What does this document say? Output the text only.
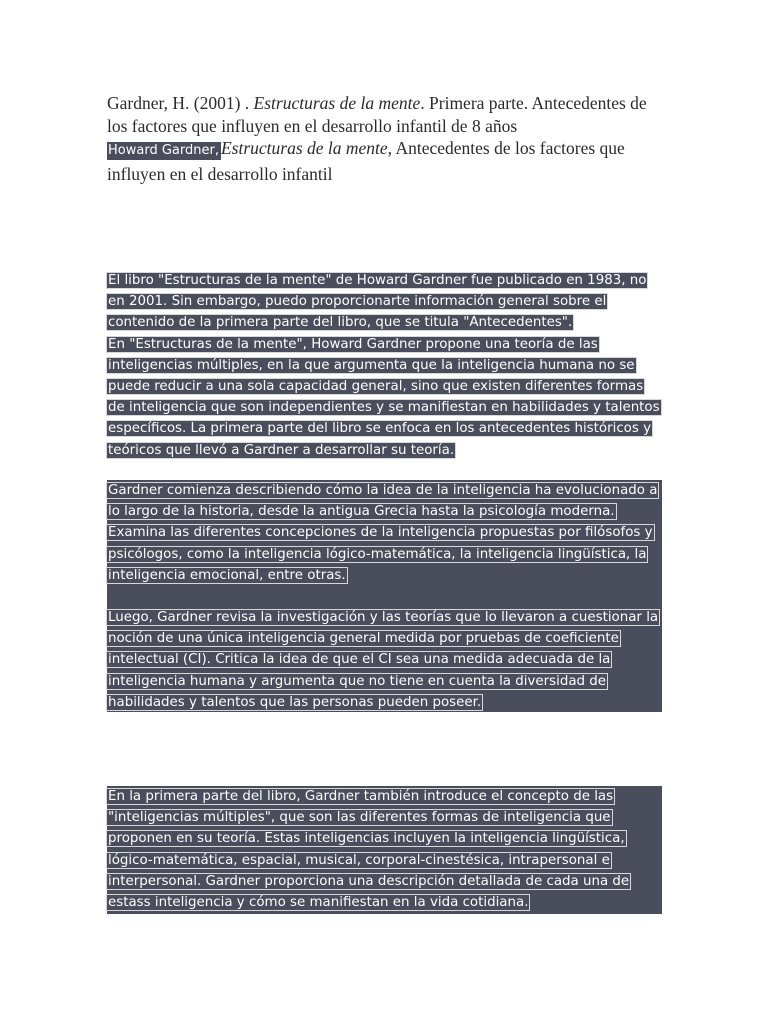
Gardner, H. (2001) . Estructuras de la mente. Primera parte. Antecedentes de los factores que influyen en el desarrollo infantil de 8 años

Howard Gardner, Estructuras de la mente, Antecedentes de los factores que influyen en el desarrollo infantil

El libro "Estructuras de la mente" de Howard Gardner fue publicado en 1983, no en 2001. Sin embargo, puedo proporcionarte información general sobre el contenido de la primera parte del libro, que se titula "Antecedentes".

En "Estructuras de la mente", Howard Gardner propone una teoría de las inteligencias múltiples, en la que argumenta que la inteligencia humana no se puede reducir a una sola capacidad general, sino que existen diferentes formas de inteligencia que son independientes y se manifiestan en habilidades y talentos específicos. La primera parte del libro se enfoca en los antecedentes históricos y teóricos que llevó a Gardner a desarrollar su teoría.

Gardner comienza describiendo cómo la idea de la inteligencia ha evolucionado a lo largo de la historia, desde la antigua Grecia hasta la psicología moderna. Examina las diferentes concepciones de la inteligencia propuestas por filósofos y psicólogos, como la inteligencia lógico-matemática, la inteligencia lingüística, la inteligencia emocional, entre otras.

Luego, Gardner revisa la investigación y las teorías que lo llevaron a cuestionar la noción de una única inteligencia general medida por pruebas de coeficiente intelectual (CI). Critica la idea de que el CI sea una medida adecuada de la inteligencia humana y argumenta que no tiene en cuenta la diversidad de habilidades y talentos que las personas pueden poseer.

En la primera parte del libro, Gardner también introduce el concepto de las "inteligencias múltiples", que son las diferentes formas de inteligencia que proponen en su teoría. Estas inteligencias incluyen la inteligencia lingüística, lógico-matemática, espacial, musical, corporal-cinestésica, intrapersonal e interpersonal. Gardner proporciona una descripción detallada de cada una de estass inteligencia y cómo se manifiestan en la vida cotidiana.
